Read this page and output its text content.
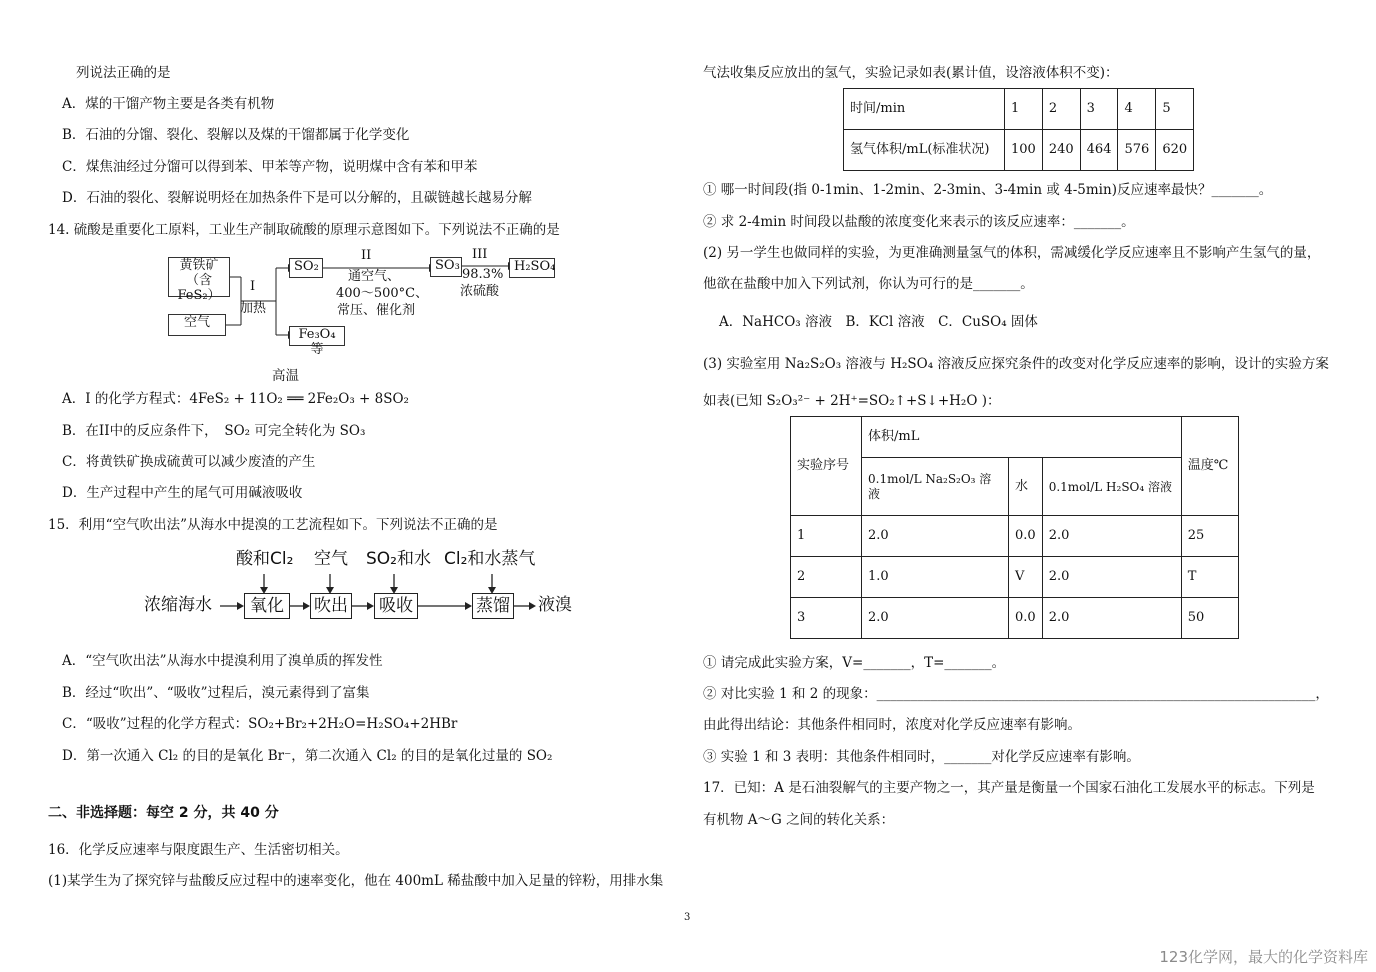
列说法正确的是
A．煤的干馏产物主要是各类有机物
B．石油的分馏、裂化、裂解以及煤的干馏都属于化学变化
C．煤焦油经过分馏可以得到苯、甲苯等产物，说明煤中含有苯和甲苯
D．石油的裂化、裂解说明烃在加热条件下是可以分解的，且碳链越长越易分解
14. 硫酸是重要化工原料，工业生产制取硫酸的原理示意图如下。下列说法不正确的是
黄铁矿
（含FeS₂）
空气
I
加热
SO₂
II
通空气、
400～500°C、
常压、催化剂
SO₃
III
98.3%
浓硫酸
H₂SO₄
Fe₃O₄等
高温
A．I 的化学方程式：4FeS₂ + 11O₂ ══ 2Fe₂O₃ + 8SO₂
B．在II中的反应条件下，　SO₂ 可完全转化为 SO₃
C．将黄铁矿换成硫黄可以减少废渣的产生
D．生产过程中产生的尾气可用碱液吸收
15．利用“空气吹出法”从海水中提溴的工艺流程如下。下列说法不正确的是
酸和Cl₂ 空气 SO₂和水 Cl₂和水蒸气
浓缩海水	氧化	吹出 吸收	蒸馏 液溴
A．“空气吹出法”从海水中提溴利用了溴单质的挥发性
B．经过“吹出”、“吸收”过程后，溴元素得到了富集
C．“吸收”过程的化学方程式：SO₂+Br₂+2H₂O=H₂SO₄+2HBr
D．第一次通入 Cl₂ 的目的是氧化 Br⁻，第二次通入 Cl₂ 的目的是氧化过量的 SO₂
二、非选择题：每空 2 分，共 40 分
16．化学反应速率与限度跟生产、生活密切相关。
(1)某学生为了探究锌与盐酸反应过程中的速率变化，他在 400mL 稀盐酸中加入足量的锌粉，用排水集
气法收集反应放出的氢气，实验记录如表(累计值，设溶液体积不变)：
时间/min	1	2	3	4	5
氢气体积/mL(标准状况)	100	240	464	576	620
① 哪一时间段(指 0-1min、1-2min、2-3min、3-4min 或 4-5min)反应速率最快？_______。
② 求 2-4min 时间段以盐酸的浓度变化来表示的该反应速率：_______。
(2) 另一学生也做同样的实验，为更准确测量氢气的体积，需减缓化学反应速率且不影响产生氢气的量，
他欲在盐酸中加入下列试剂，你认为可行的是_______。
A．NaHCO₃ 溶液　B．KCl 溶液　C．CuSO₄ 固体
(3) 实验室用 Na₂S₂O₃ 溶液与 H₂SO₄ 溶液反应探究条件的改变对化学反应速率的影响，设计的实验方案
如表(已知 S₂O₃²⁻ + 2H⁺=SO₂↑+S↓+H₂O )：
实验序号	体积/mL			温度℃
	0.1mol/L Na₂S₂O₃ 溶液	水	0.1mol/L H₂SO₄ 溶液	
1	2.0	0.0	2.0	25
2	1.0	V	2.0	T
3	2.0	0.0	2.0	50
① 请完成此实验方案，V=_______，T=_______。
② 对比实验 1 和 2 的现象：_________________________________________________________________，
由此得出结论：其他条件相同时，浓度对化学反应速率有影响。
③ 实验 1 和 3 表明：其他条件相同时，_______对化学反应速率有影响。
17．已知：A 是石油裂解气的主要产物之一，其产量是衡量一个国家石油化工发展水平的标志。下列是
有机物 A～G 之间的转化关系：
3
123化学网，最大的化学资料库
